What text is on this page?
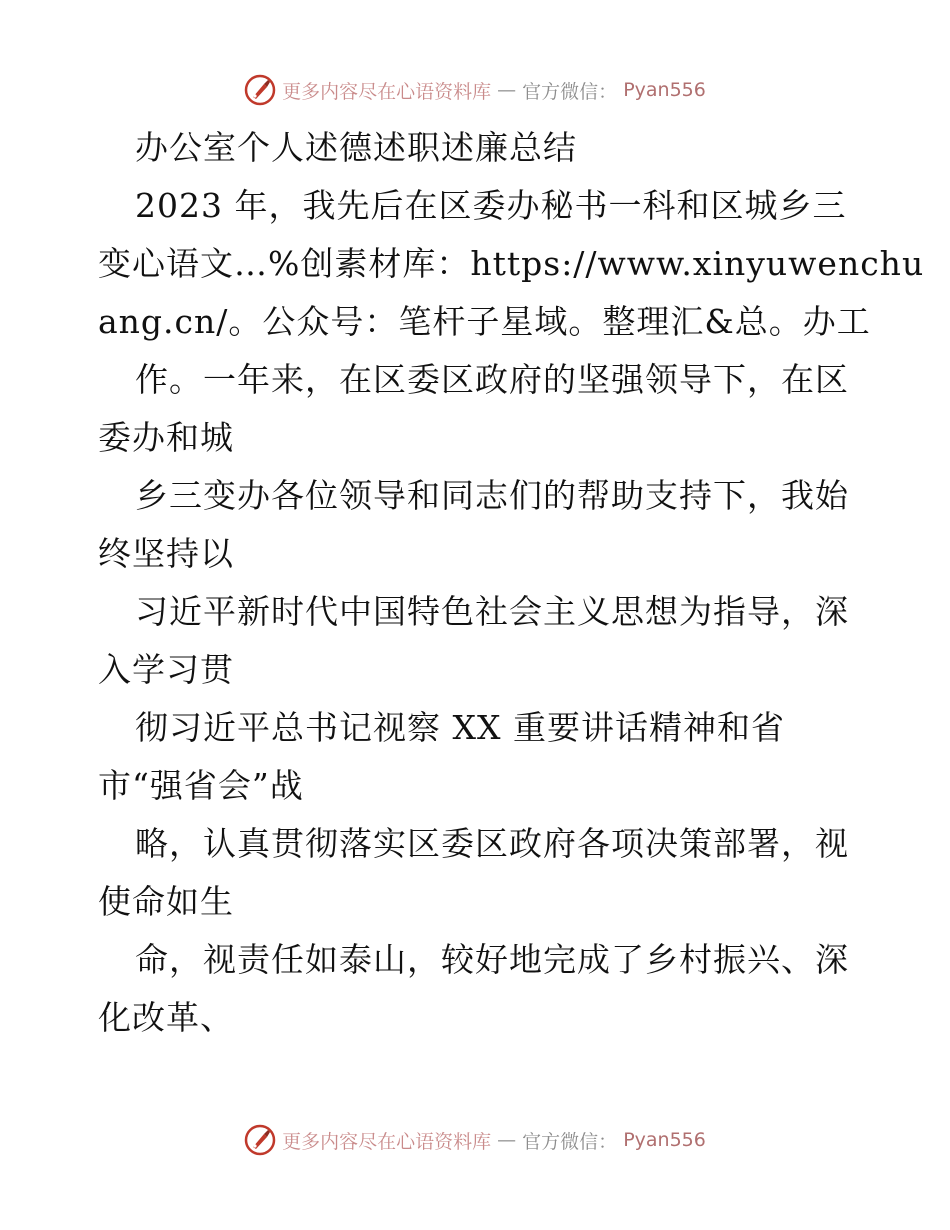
更多内容尽在心语资料库 — 官方微信： Pyan556
办公室个人述德述职述廉总结
2023 年，我先后在区委办秘书一科和区城乡三
变心语文…%创素材库：https://www.xinyuwenchu
ang.cn/。公众号：笔杆子星域。整理汇&总。办工
作。一年来，在区委区政府的坚强领导下，在区
委办和城
乡三变办各位领导和同志们的帮助支持下，我始
终坚持以
习近平新时代中国特色社会主义思想为指导，深
入学习贯
彻习近平总书记视察 XX 重要讲话精神和省
市“强省会”战
略，认真贯彻落实区委区政府各项决策部署，视
使命如生
命，视责任如泰山，较好地完成了乡村振兴、深
化改革、
更多内容尽在心语资料库 — 官方微信： Pyan556
